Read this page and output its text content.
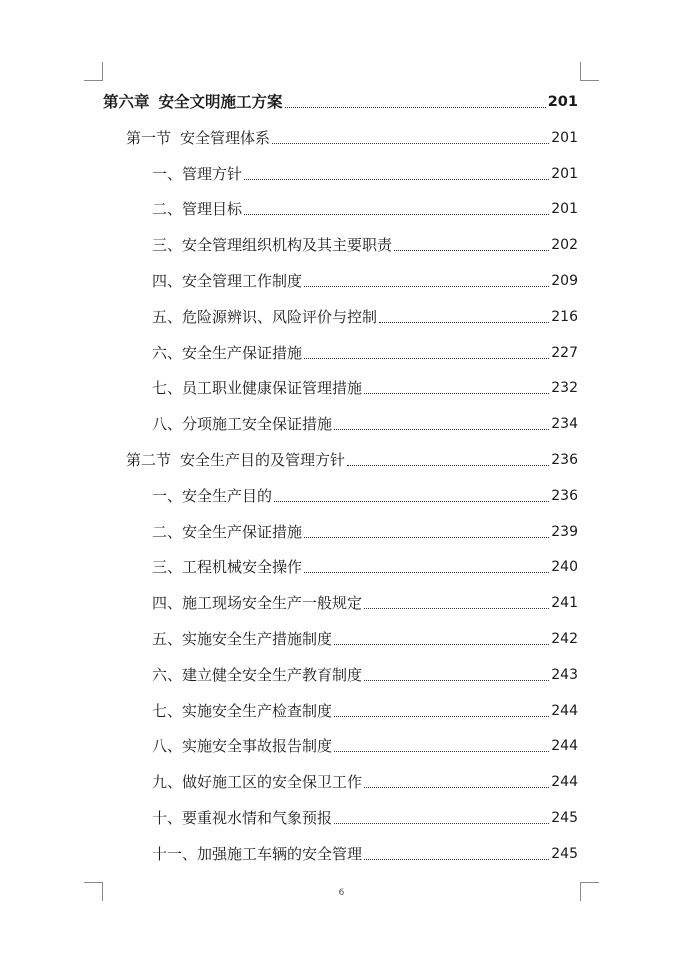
第六章 安全文明施工方案	201
第一节 安全管理体系	201
一、管理方针	201
二、管理目标	201
三、安全管理组织机构及其主要职责	202
四、安全管理工作制度	209
五、危险源辨识、风险评价与控制	216
六、安全生产保证措施	227
七、员工职业健康保证管理措施	232
八、分项施工安全保证措施	234
第二节 安全生产目的及管理方针	236
一、安全生产目的	236
二、安全生产保证措施	239
三、工程机械安全操作	240
四、施工现场安全生产一般规定	241
五、实施安全生产措施制度	242
六、建立健全安全生产教育制度	243
七、实施安全生产检查制度	244
八、实施安全事故报告制度	244
九、做好施工区的安全保卫工作	244
十、要重视水情和气象预报	245
十一、加强施工车辆的安全管理	245
6
